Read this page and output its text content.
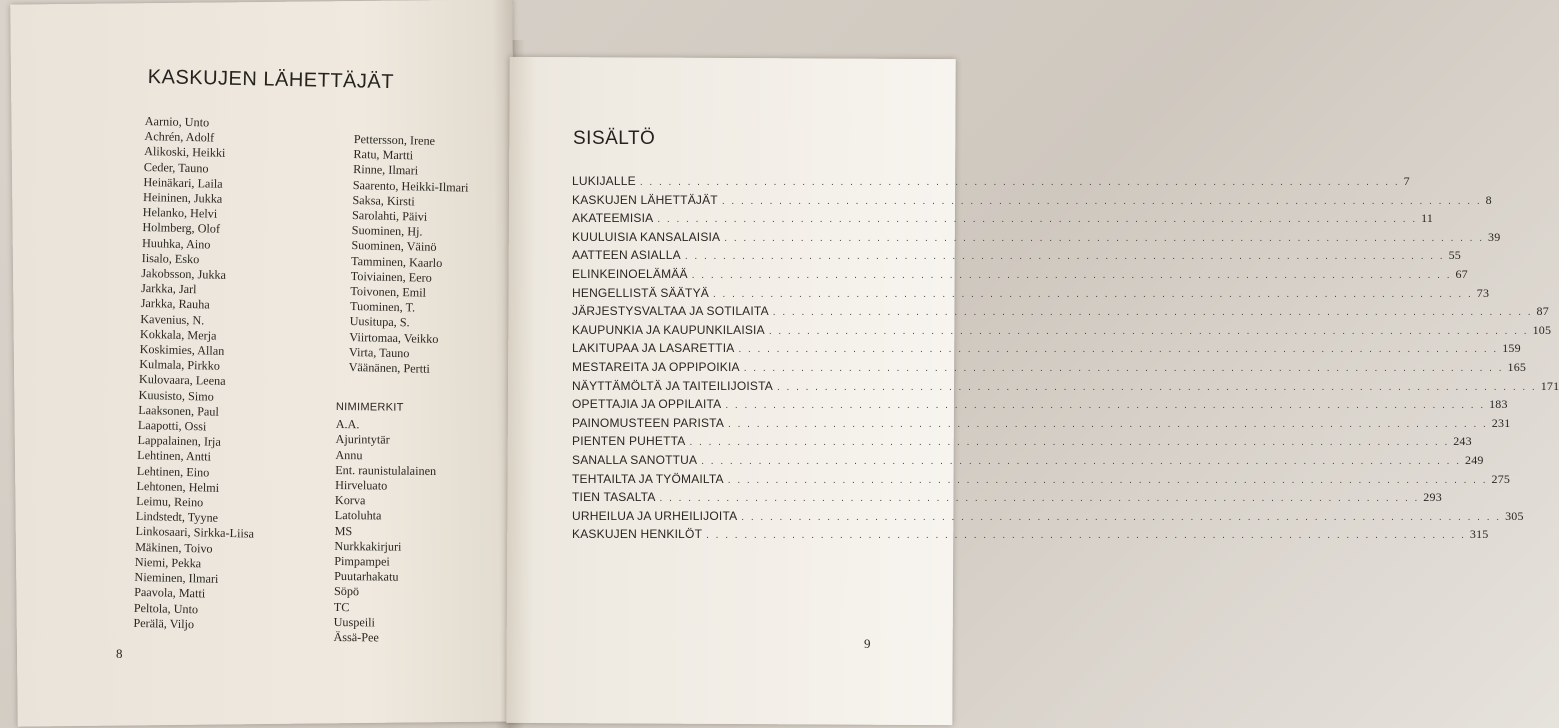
KASKUJEN LÄHETTÄJÄT
Aarnio, Unto
Achrén, Adolf
Alikoski, Heikki
Ceder, Tauno
Heinäkari, Laila
Heininen, Jukka
Helanko, Helvi
Holmberg, Olof
Huuhka, Aino
Iisalo, Esko
Jakobsson, Jukka
Jarkka, Jarl
Jarkka, Rauha
Kavenius, N.
Kokkala, Merja
Koskimies, Allan
Kulmala, Pirkko
Kulovaara, Leena
Kuusisto, Simo
Laaksonen, Paul
Laapotti, Ossi
Lappalainen, Irja
Lehtinen, Antti
Lehtinen, Eino
Lehtonen, Helmi
Leimu, Reino
Lindstedt, Tyyne
Linkosaari, Sirkka-Liisa
Mäkinen, Toivo
Niemi, Pekka
Nieminen, Ilmari
Paavola, Matti
Peltola, Unto
Perälä, Viljo
Pettersson, Irene
Ratu, Martti
Rinne, Ilmari
Saarento, Heikki-Ilmari
Saksa, Kirsti
Sarolahti, Päivi
Suominen, Hj.
Suominen, Väinö
Tamminen, Kaarlo
Toiviainen, Eero
Toivonen, Emil
Tuominen, T.
Uusitupa, S.
Viirtomaa, Veikko
Virta, Tauno
Väänänen, Pertti
NIMIMERKIT
A.A.
Ajurintytär
Annu
Ent. raunistulalainen
Hirveluato
Korva
Latoluhta
MS
Nurkkakirjuri
Pimpampei
Puutarhakatu
Söpö
TC
Uuspeili
Ässä-Pee
8
SISÄLTÖ
LUKIJALLE . . . . . . . . . . . . . . . . . . . . . . . . . . . . . . . . . . . . . . . . . . . . . . . . . . . . . . . . . . . . . . . . . . . . . . . . . . . . . . . . 7
KASKUJEN LÄHETTÄJÄT . . . . . . . . . . . . . . . . . . . . . . . . . . . . . . . . . . . . . . . . . . . . . . . . . . . . . . . . . . . . . . . . . . . . . . . . . . . . . . . . 8
AKATEEMISIA . . . . . . . . . . . . . . . . . . . . . . . . . . . . . . . . . . . . . . . . . . . . . . . . . . . . . . . . . . . . . . . . . . . . . . . . . . . . . . . . 11
KUULUISIA KANSALAISIA . . . . . . . . . . . . . . . . . . . . . . . . . . . . . . . . . . . . . . . . . . . . . . . . . . . . . . . . . . . . . . . . . . . . . . . . . . . . . . . . 39
AATTEEN ASIALLA . . . . . . . . . . . . . . . . . . . . . . . . . . . . . . . . . . . . . . . . . . . . . . . . . . . . . . . . . . . . . . . . . . . . . . . . . . . . . . . . 55
ELINKEINOELÄMÄÄ . . . . . . . . . . . . . . . . . . . . . . . . . . . . . . . . . . . . . . . . . . . . . . . . . . . . . . . . . . . . . . . . . . . . . . . . . . . . . . . . 67
HENGELLISTÄ SÄÄTYÄ . . . . . . . . . . . . . . . . . . . . . . . . . . . . . . . . . . . . . . . . . . . . . . . . . . . . . . . . . . . . . . . . . . . . . . . . . . . . . . . . 73
JÄRJESTYSVALTAA JA SOTILAITA . . . . . . . . . . . . . . . . . . . . . . . . . . . . . . . . . . . . . . . . . . . . . . . . . . . . . . . . . . . . . . . . . . . . . . . . . . . . . . . . 87
KAUPUNKIA JA KAUPUNKILAISIA . . . . . . . . . . . . . . . . . . . . . . . . . . . . . . . . . . . . . . . . . . . . . . . . . . . . . . . . . . . . . . . . . . . . . . . . . . . . . . . . 105
LAKITUPAA JA LASARETTIA . . . . . . . . . . . . . . . . . . . . . . . . . . . . . . . . . . . . . . . . . . . . . . . . . . . . . . . . . . . . . . . . . . . . . . . . . . . . . . . . 159
MESTAREITA JA OPPIPOIKIA . . . . . . . . . . . . . . . . . . . . . . . . . . . . . . . . . . . . . . . . . . . . . . . . . . . . . . . . . . . . . . . . . . . . . . . . . . . . . . . . 165
NÄYTTÄMÖLTÄ JA TAITEILIJOISTA . . . . . . . . . . . . . . . . . . . . . . . . . . . . . . . . . . . . . . . . . . . . . . . . . . . . . . . . . . . . . . . . . . . . . . . . . . . . . . . . 171
OPETTAJIA JA OPPILAITA . . . . . . . . . . . . . . . . . . . . . . . . . . . . . . . . . . . . . . . . . . . . . . . . . . . . . . . . . . . . . . . . . . . . . . . . . . . . . . . . 183
PAINOMUSTEEN PARISTA . . . . . . . . . . . . . . . . . . . . . . . . . . . . . . . . . . . . . . . . . . . . . . . . . . . . . . . . . . . . . . . . . . . . . . . . . . . . . . . . 231
PIENTEN PUHETTA . . . . . . . . . . . . . . . . . . . . . . . . . . . . . . . . . . . . . . . . . . . . . . . . . . . . . . . . . . . . . . . . . . . . . . . . . . . . . . . . 243
SANALLA SANOTTUA . . . . . . . . . . . . . . . . . . . . . . . . . . . . . . . . . . . . . . . . . . . . . . . . . . . . . . . . . . . . . . . . . . . . . . . . . . . . . . . . 249
TEHTAILTA JA TYÖMAILTA . . . . . . . . . . . . . . . . . . . . . . . . . . . . . . . . . . . . . . . . . . . . . . . . . . . . . . . . . . . . . . . . . . . . . . . . . . . . . . . . 275
TIEN TASALTA . . . . . . . . . . . . . . . . . . . . . . . . . . . . . . . . . . . . . . . . . . . . . . . . . . . . . . . . . . . . . . . . . . . . . . . . . . . . . . . . 293
URHEILUA JA URHEILIJOITA . . . . . . . . . . . . . . . . . . . . . . . . . . . . . . . . . . . . . . . . . . . . . . . . . . . . . . . . . . . . . . . . . . . . . . . . . . . . . . . . 305
KASKUJEN HENKILÖT . . . . . . . . . . . . . . . . . . . . . . . . . . . . . . . . . . . . . . . . . . . . . . . . . . . . . . . . . . . . . . . . . . . . . . . . . . . . . . . . 315
9
